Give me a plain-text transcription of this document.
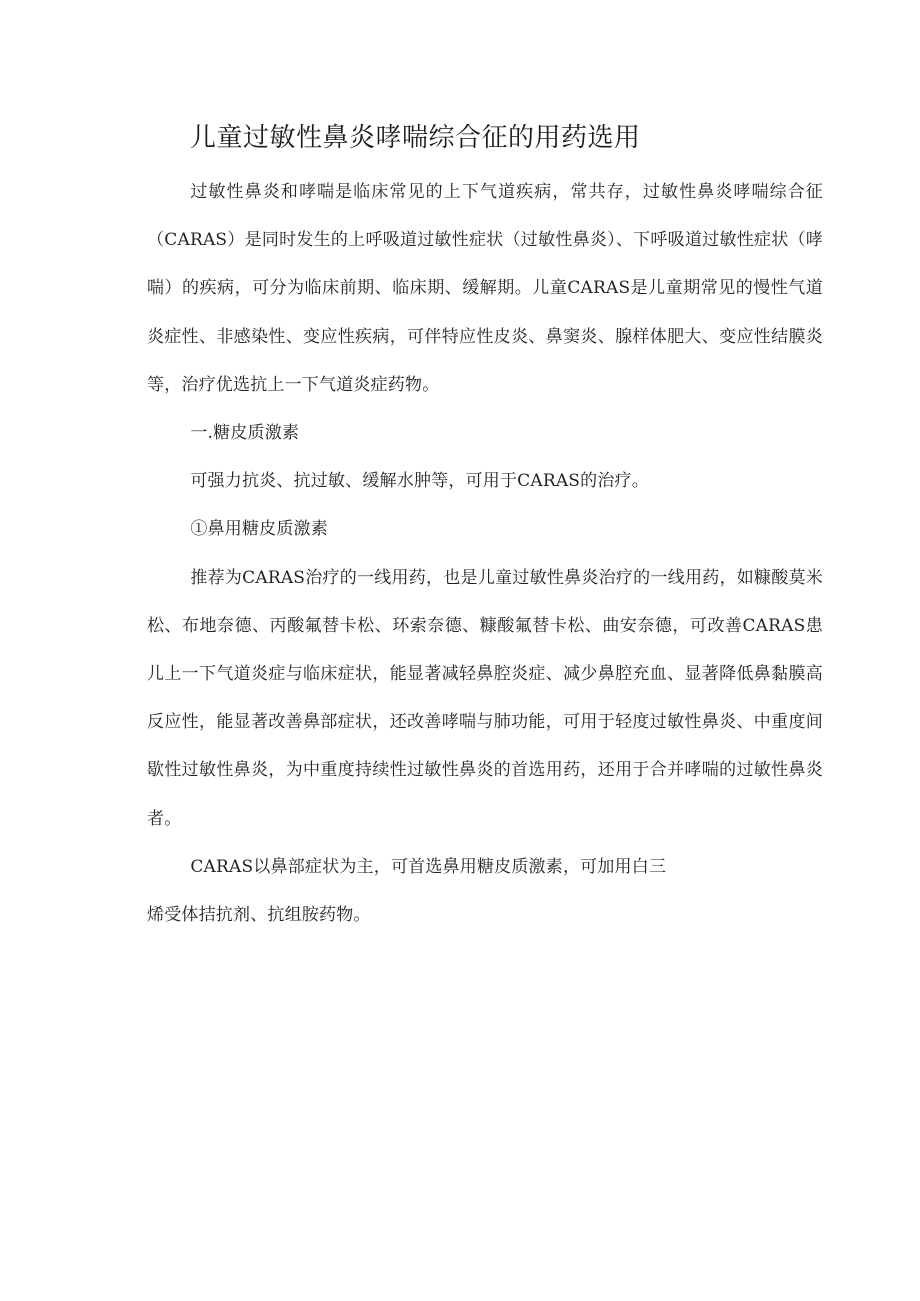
儿童过敏性鼻炎哮喘综合征的用药选用

过敏性鼻炎和哮喘是临床常见的上下气道疾病，常共存，过敏性鼻炎哮喘综合征（CARAS）是同时发生的上呼吸道过敏性症状（过敏性鼻炎）、下呼吸道过敏性症状（哮喘）的疾病，可分为临床前期、临床期、缓解期。儿童CARAS是儿童期常见的慢性气道炎症性、非感染性、变应性疾病，可伴特应性皮炎、鼻窦炎、腺样体肥大、变应性结膜炎等，治疗优选抗上一下气道炎症药物。

一.糖皮质激素

可强力抗炎、抗过敏、缓解水肿等，可用于CARAS的治疗。

①鼻用糖皮质激素

推荐为CARAS治疗的一线用药，也是儿童过敏性鼻炎治疗的一线用药，如糠酸莫米松、布地奈德、丙酸氟替卡松、环索奈德、糠酸氟替卡松、曲安奈德，可改善CARAS患儿上一下气道炎症与临床症状，能显著减轻鼻腔炎症、减少鼻腔充血、显著降低鼻黏膜高反应性，能显著改善鼻部症状，还改善哮喘与肺功能，可用于轻度过敏性鼻炎、中重度间歇性过敏性鼻炎，为中重度持续性过敏性鼻炎的首选用药，还用于合并哮喘的过敏性鼻炎者。

CARAS以鼻部症状为主，可首选鼻用糖皮质激素，可加用白三

烯受体拮抗剂、抗组胺药物。
